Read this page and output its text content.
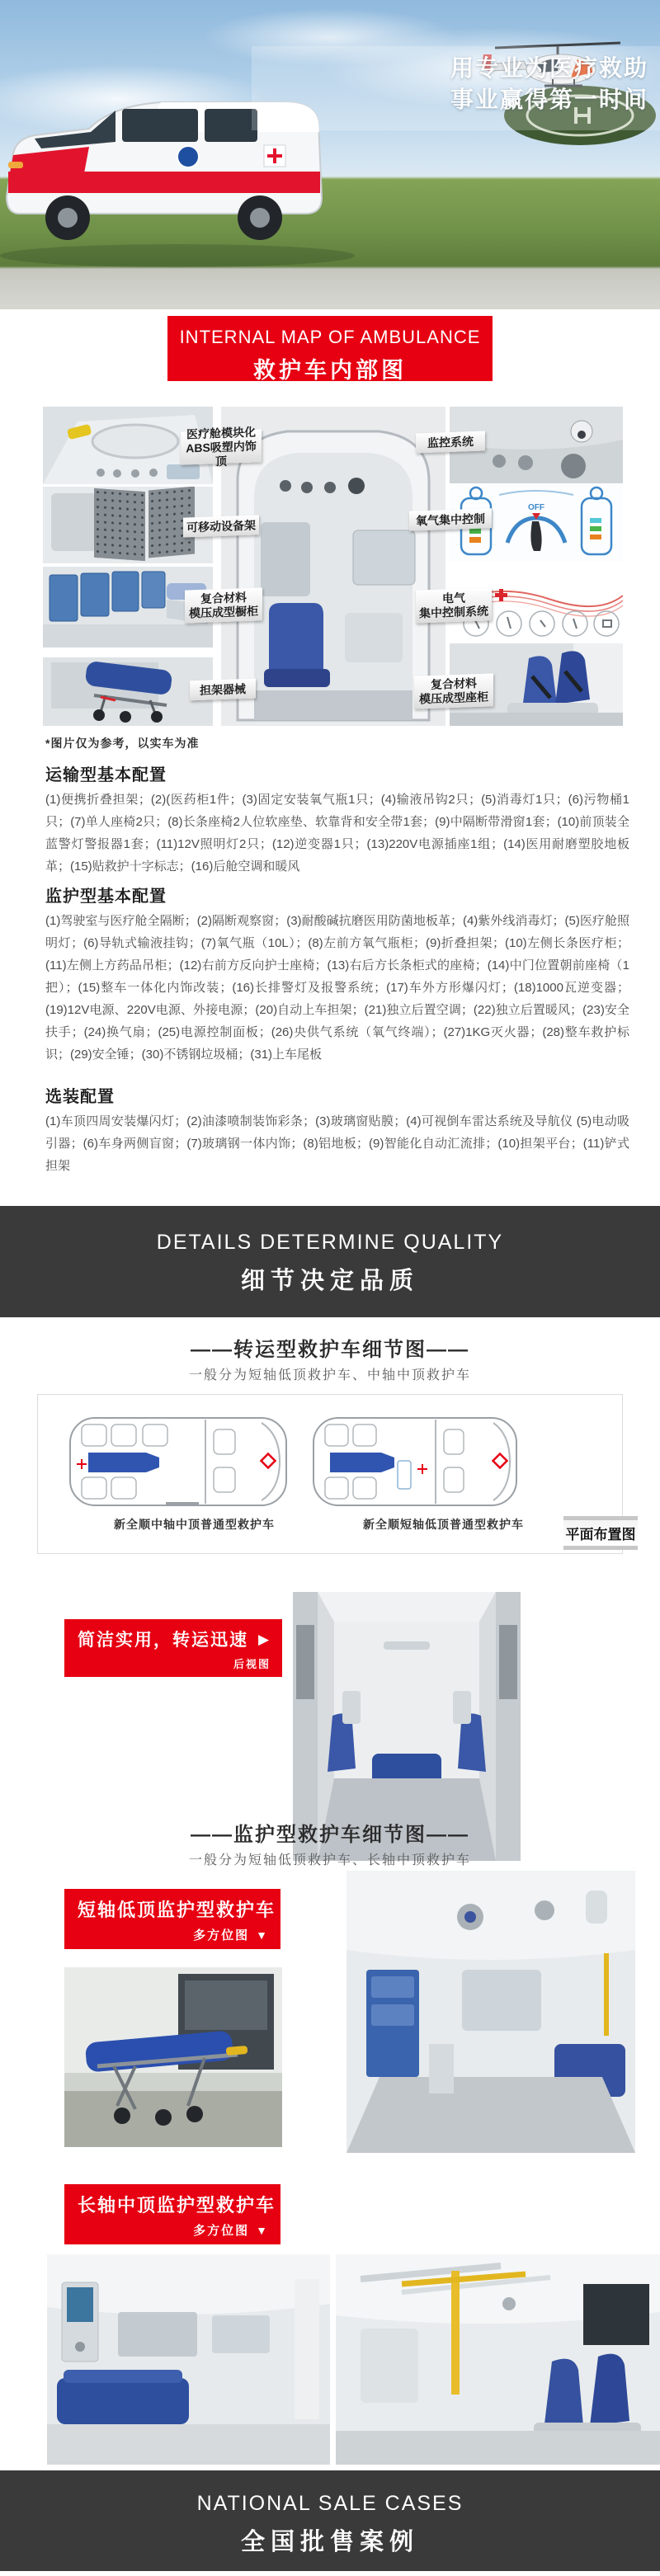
用专业为医疗救助
事业赢得第一时间
INTERNAL MAP OF AMBULANCE
救护车内部图
OFF
医疗舱模块化
ABS吸塑内饰顶
可移动设备架
复合材料
模压成型橱柜
担架器械
监控系统
氧气集中控制
电气
集中控制系统
复合材料
模压成型座柜
*图片仅为参考，以实车为准
运输型基本配置

(1)便携折叠担架；(2)(医药柜1件；(3)固定安装氧气瓶1只；(4)输液吊钩2只；(5)消毒灯1只；(6)污物桶1只；(7)单人座椅2只；(8)长条座椅2人位软座垫、软靠背和安全带1套；(9)中隔断带滑窗1套；(10)前顶装全蓝警灯警报器1套；(11)12V照明灯2只；(12)逆变器1只；(13)220V电源插座1组；(14)医用耐磨塑胶地板革；(15)贴救护十字标志；(16)后舱空调和暖风

监护型基本配置

(1)驾驶室与医疗舱全隔断；(2)隔断观察窗；(3)耐酸碱抗磨医用防菌地板革；(4)紫外线消毒灯；(5)医疗舱照明灯；(6)导轨式输液挂钩；(7)氧气瓶（10L）；(8)左前方氧气瓶柜；(9)折叠担架；(10)左侧长条医疗柜；(11)左侧上方药品吊柜；(12)右前方反向护士座椅；(13)右后方长条柜式的座椅；(14)中门位置朝前座椅（1把）；(15)整车一体化内饰改装；(16)长排警灯及报警系统；(17)车外方形爆闪灯；(18)1000瓦逆变器；(19)12V电源、220V电源、外接电源；(20)自动上车担架；(21)独立后置空调；(22)独立后置暖风；(23)安全扶手；(24)换气扇；(25)电源控制面板；(26)央供气系统（氧气终端）；(27)1KG灭火器；(28)整车救护标识；(29)安全锤；(30)不锈钢垃圾桶；(31)上车尾板

选装配置

(1)车顶四周安装爆闪灯；(2)油漆喷制装饰彩条；(3)玻璃窗贴膜；(4)可视倒车雷达系统及导航仪 (5)电动吸引器；(6)车身两侧盲窗；(7)玻璃钢一体内饰；(8)铝地板；(9)智能化自动汇流排；(10)担架平台；(11)铲式担架

DETAILS DETERMINE QUALITY
细节决定品质
——转运型救护车细节图——
一般分为短轴低顶救护车、中轴中顶救护车
新全顺中轴中顶普通型救护车	新全顺短轴低顶普通型救护车
平面布置图
简洁实用，转运迅速 ▶
后视图
——监护型救护车细节图——
一般分为短轴低顶救护车、长轴中顶救护车
短轴低顶监护型救护车 ▶
多方位图 ▼
长轴中顶监护型救护车 ▶
多方位图 ▼
NATIONAL SALE CASES
全国批售案例
